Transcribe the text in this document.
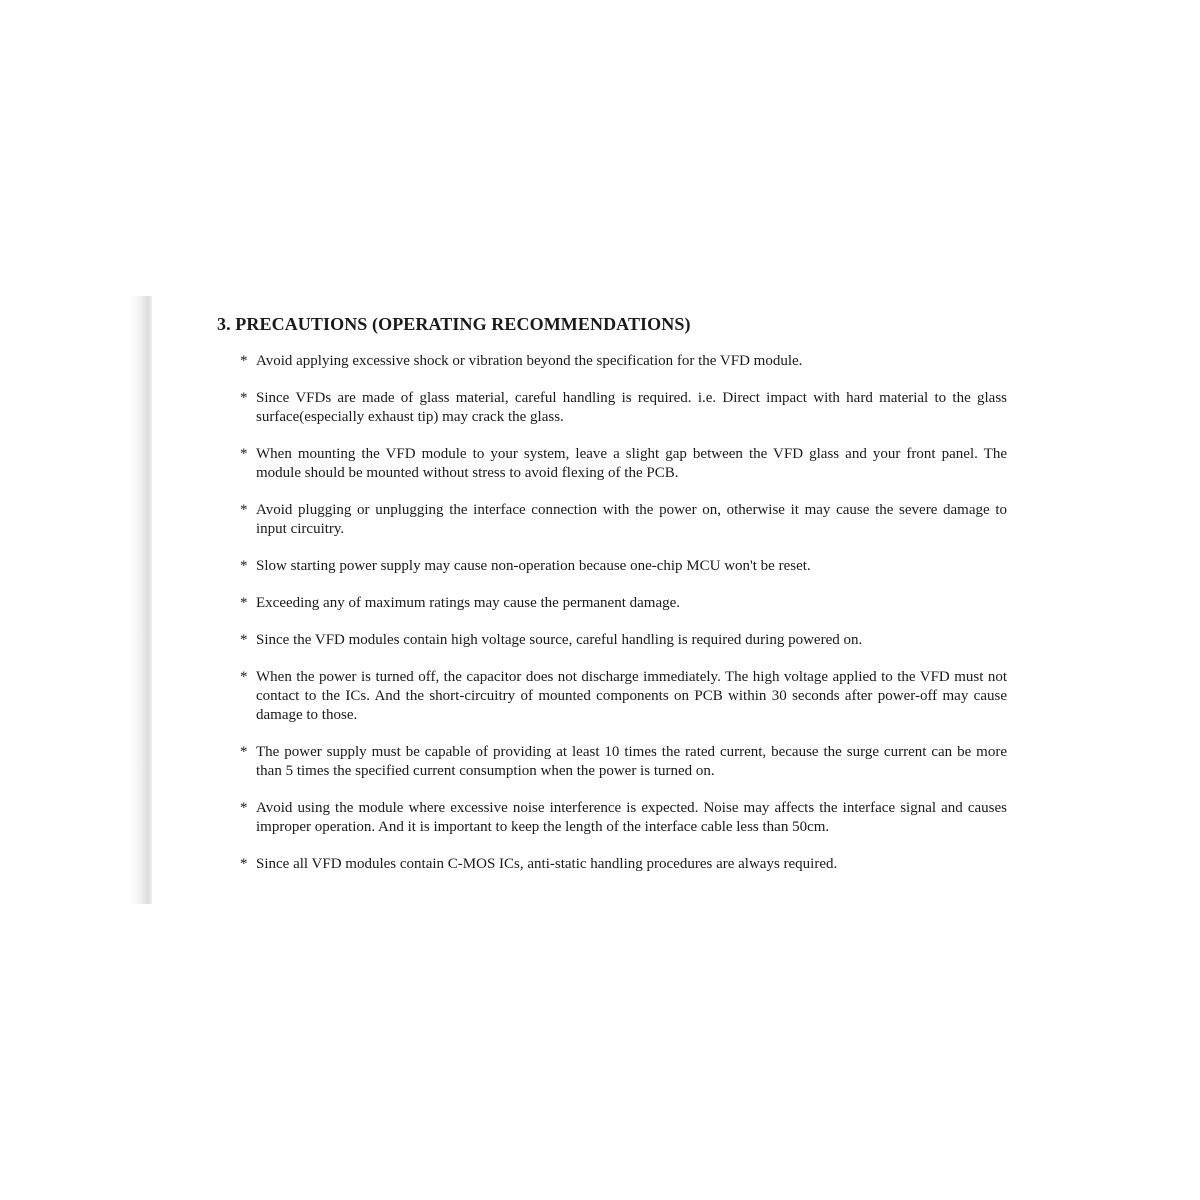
3. PRECAUTIONS (OPERATING RECOMMENDATIONS)
* Avoid applying excessive shock or vibration beyond the specification for the VFD module.
* Since VFDs are made of glass material, careful handling is required. i.e. Direct impact with hard material to the glass surface(especially exhaust tip) may crack the glass.
* When mounting the VFD module to your system, leave a slight gap between the VFD glass and your front panel. The module should be mounted without stress to avoid flexing of the PCB.
* Avoid plugging or unplugging the interface connection with the power on, otherwise it may cause the severe damage to input circuitry.
* Slow starting power supply may cause non-operation because one-chip MCU won't be reset.
* Exceeding any of maximum ratings may cause the permanent damage.
* Since the VFD modules contain high voltage source, careful handling is required during powered on.
* When the power is turned off, the capacitor does not discharge immediately. The high voltage applied to the VFD must not contact to the ICs. And the short-circuitry of mounted components on PCB within 30 seconds after power-off may cause damage to those.
* The power supply must be capable of providing at least 10 times the rated current, because the surge current can be more than 5 times the specified current consumption when the power is turned on.
* Avoid using the module where excessive noise interference is expected. Noise may affects the interface signal and causes improper operation. And it is important to keep the length of the interface cable less than 50cm.
* Since all VFD modules contain C-MOS ICs, anti-static handling procedures are always required.
